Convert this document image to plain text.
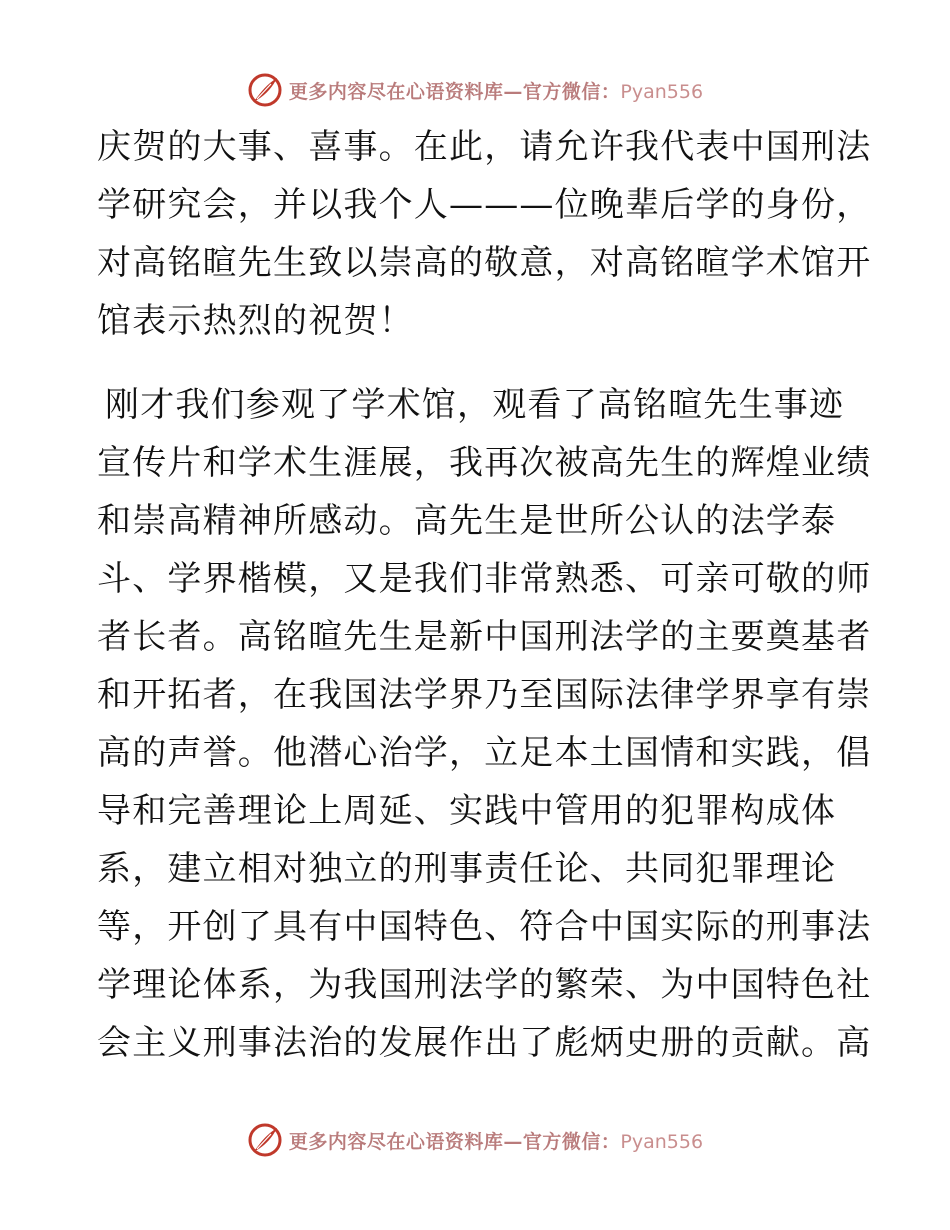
更多内容尽在心语资料库—官方微信：Pyan556

庆贺的大事、喜事。在此，请允许我代表中国刑法
学研究会，并以我个人———位晚辈后学的身份，
对高铭暄先生致以崇高的敬意，对高铭暄学术馆开
馆表示热烈的祝贺！

刚才我们参观了学术馆，观看了高铭暄先生事迹
宣传片和学术生涯展，我再次被高先生的辉煌业绩
和崇高精神所感动。高先生是世所公认的法学泰
斗、学界楷模，又是我们非常熟悉、可亲可敬的师
者长者。高铭暄先生是新中国刑法学的主要奠基者
和开拓者，在我国法学界乃至国际法律学界享有崇
高的声誉。他潜心治学，立足本土国情和实践，倡
导和完善理论上周延、实践中管用的犯罪构成体
系，建立相对独立的刑事责任论、共同犯罪理论
等，开创了具有中国特色、符合中国实际的刑事法
学理论体系，为我国刑法学的繁荣、为中国特色社
会主义刑事法治的发展作出了彪炳史册的贡献。高

更多内容尽在心语资料库—官方微信：Pyan556
